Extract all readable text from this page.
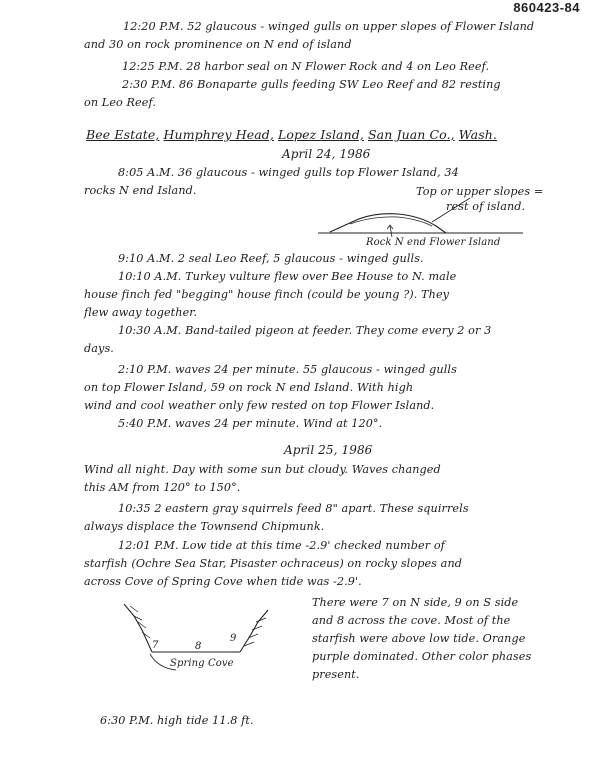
860423-84
12:20 P.M. 52 glaucous - winged gulls on upper slopes of Flower Island
and 30 on rock prominence on N end of island
12:25 P.M. 28 harbor seal on N Flower Rock and 4 on Leo Reef.
2:30 P.M. 86 Bonaparte gulls feeding SW Leo Reef and 82 resting
on Leo Reef.
Bee Estate, Humphrey Head, Lopez Island, San Juan Co., Wash.
April 24, 1986
8:05 A.M. 36 glaucous - winged gulls top Flower Island, 34
rocks N end Island.	Top or upper slopes =
rest of island.
Rock N end Flower Island
9:10 A.M. 2 seal Leo Reef, 5 glaucous - winged gulls.
10:10 A.M. Turkey vulture flew over Bee House to N. male
house finch fed "begging" house finch (could be young ?). They
flew away together.
10:30 A.M. Band-tailed pigeon at feeder. They come every 2 or 3
days.
2:10 P.M. waves 24 per minute. 55 glaucous - winged gulls
on top Flower Island, 59 on rock N end Island. With high
wind and cool weather only few rested on top Flower Island.
5:40 P.M. waves 24 per minute. Wind at 120°.
April 25, 1986
Wind all night. Day with some sun but cloudy. Waves changed
this AM from 120° to 150°.
10:35 2 eastern gray squirrels feed 8" apart. These squirrels
always displace the Townsend Chipmunk.
12:01 P.M. Low tide at this time -2.9' checked number of
starfish (Ochre Sea Star, Pisaster ochraceus) on rocky slopes and
across Cove of Spring Cove when tide was -2.9'.
There were 7 on N side, 9 on S side
and 8 across the cove. Most of the
starfish were above low tide. Orange
purple dominated. Other color phases
present.
7	8
9
Spring Cove
6:30 P.M. high tide 11.8 ft.
